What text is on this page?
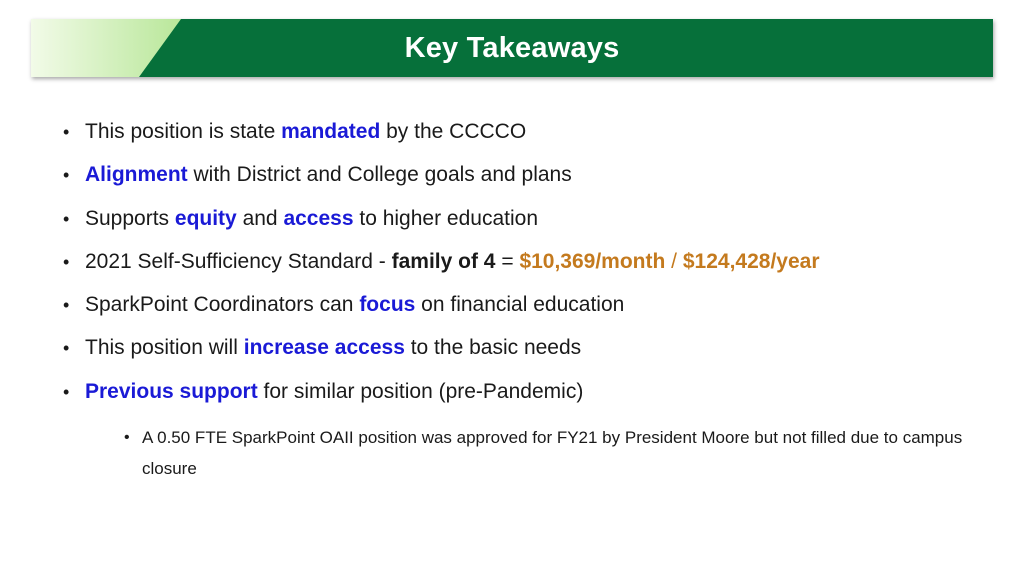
Key Takeaways
• This position is state mandated by the CCCCO
• Alignment with District and College goals and plans
• Supports equity and access to higher education
• 2021 Self-Sufficiency Standard - family of 4 = $10,369/month / $124,428/year
• SparkPoint Coordinators can focus on financial education
• This position will increase access to the basic needs
• Previous support for similar position (pre-Pandemic)
• A 0.50 FTE SparkPoint OAII position was approved for FY21 by President Moore but not filled due to campus closure
